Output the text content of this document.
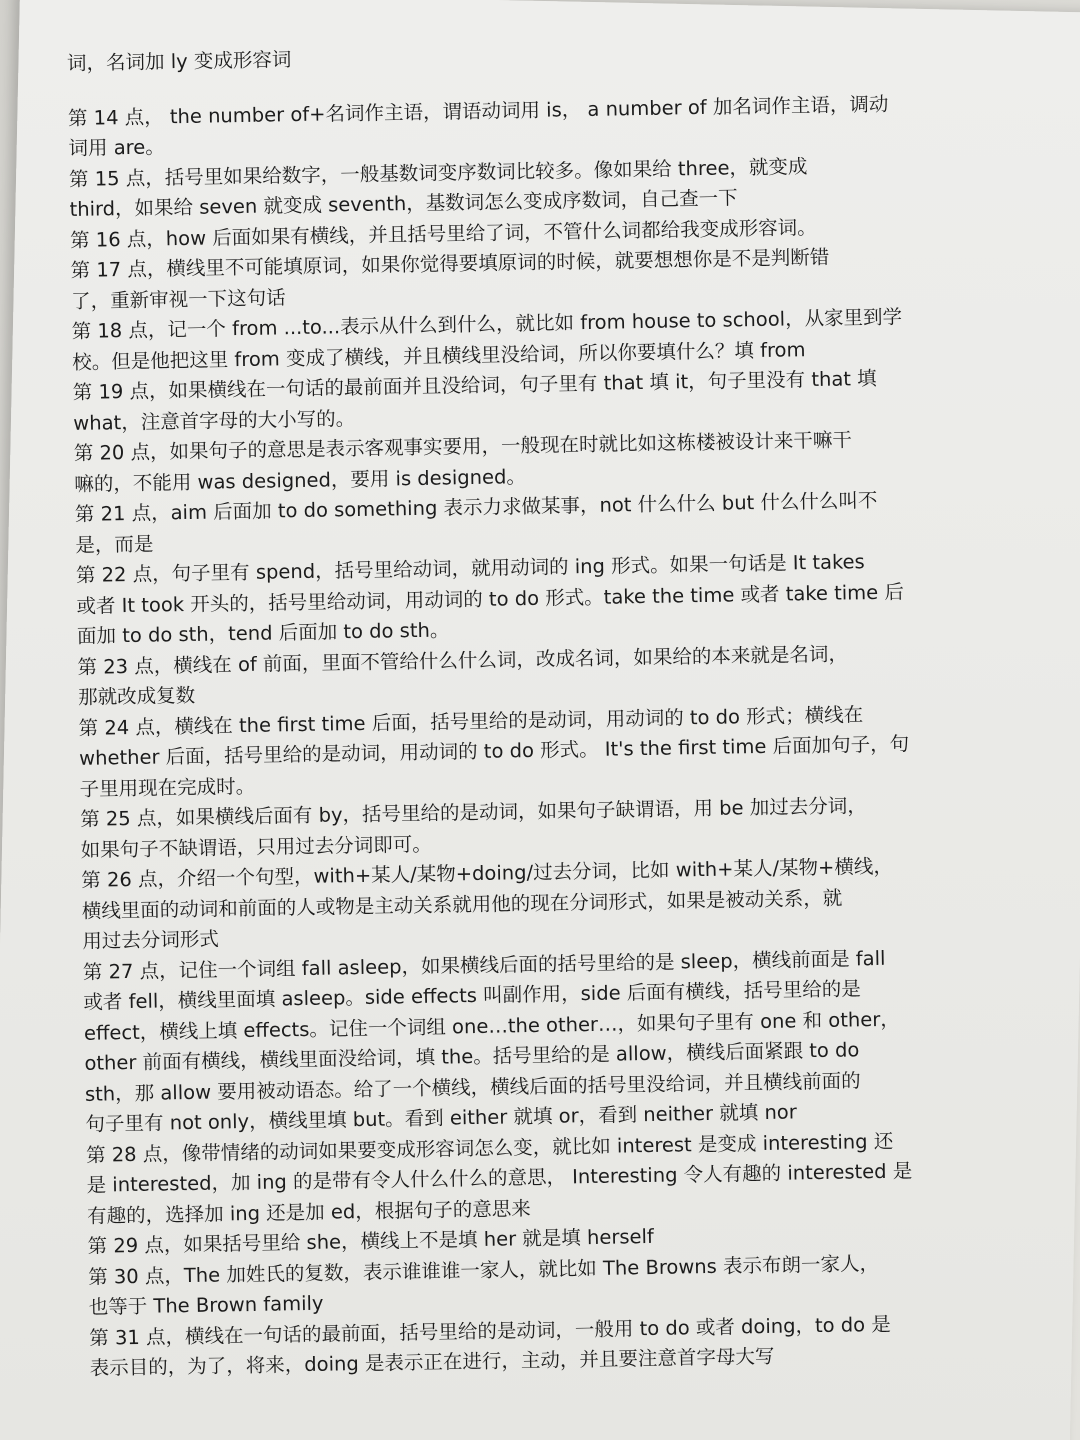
词，名词加 ly 变成形容词

第 14 点， the number of+名词作主语，谓语动词用 is， a number of 加名词作主语，调动

词用 are。

第 15 点，括号里如果给数字，一般基数词变序数词比较多。像如果给 three，就变成

third，如果给 seven 就变成 seventh，基数词怎么变成序数词，自己查一下

第 16 点，how 后面如果有横线，并且括号里给了词，不管什么词都给我变成形容词。

第 17 点，横线里不可能填原词，如果你觉得要填原词的时候，就要想想你是不是判断错

了，重新审视一下这句话

第 18 点，记一个 from ...to...表示从什么到什么，就比如 from house to school，从家里到学

校。但是他把这里 from 变成了横线，并且横线里没给词，所以你要填什么？填 from

第 19 点，如果横线在一句话的最前面并且没给词，句子里有 that 填 it，句子里没有 that 填

what，注意首字母的大小写的。

第 20 点，如果句子的意思是表示客观事实要用，一般现在时就比如这栋楼被设计来干嘛干

嘛的，不能用 was designed，要用 is designed。

第 21 点，aim 后面加 to do something 表示力求做某事，not 什么什么 but 什么什么叫不

是，而是

第 22 点，句子里有 spend，括号里给动词，就用动词的 ing 形式。如果一句话是 It takes

或者 It took 开头的，括号里给动词，用动词的 to do 形式。take the time 或者 take time 后

面加 to do sth，tend 后面加 to do sth。

第 23 点，横线在 of 前面，里面不管给什么什么词，改成名词，如果给的本来就是名词，

那就改成复数

第 24 点，横线在 the first time 后面，括号里给的是动词，用动词的 to do 形式；横线在

whether 后面，括号里给的是动词，用动词的 to do 形式。 It's the first time 后面加句子，句

子里用现在完成时。

第 25 点，如果横线后面有 by，括号里给的是动词，如果句子缺谓语，用 be 加过去分词，

如果句子不缺谓语，只用过去分词即可。

第 26 点，介绍一个句型，with+某人/某物+doing/过去分词，比如 with+某人/某物+横线，

横线里面的动词和前面的人或物是主动关系就用他的现在分词形式，如果是被动关系，就

用过去分词形式

第 27 点，记住一个词组 fall asleep，如果横线后面的括号里给的是 sleep，横线前面是 fall

或者 fell，横线里面填 asleep。side effects 叫副作用，side 后面有横线，括号里给的是

effect，横线上填 effects。记住一个词组 one…the other…，如果句子里有 one 和 other，

other 前面有横线，横线里面没给词，填 the。括号里给的是 allow，横线后面紧跟 to do

sth，那 allow 要用被动语态。给了一个横线，横线后面的括号里没给词，并且横线前面的

句子里有 not only，横线里填 but。看到 either 就填 or，看到 neither 就填 nor

第 28 点，像带情绪的动词如果要变成形容词怎么变，就比如 interest 是变成 interesting 还

是 interested，加 ing 的是带有令人什么什么的意思， Interesting 令人有趣的 interested 是

有趣的，选择加 ing 还是加 ed，根据句子的意思来

第 29 点，如果括号里给 she，横线上不是填 her 就是填 herself

第 30 点，The 加姓氏的复数，表示谁谁谁一家人，就比如 The Browns 表示布朗一家人，

也等于 The Brown family

第 31 点，横线在一句话的最前面，括号里给的是动词，一般用 to do 或者 doing，to do 是

表示目的，为了，将来，doing 是表示正在进行，主动，并且要注意首字母大写
